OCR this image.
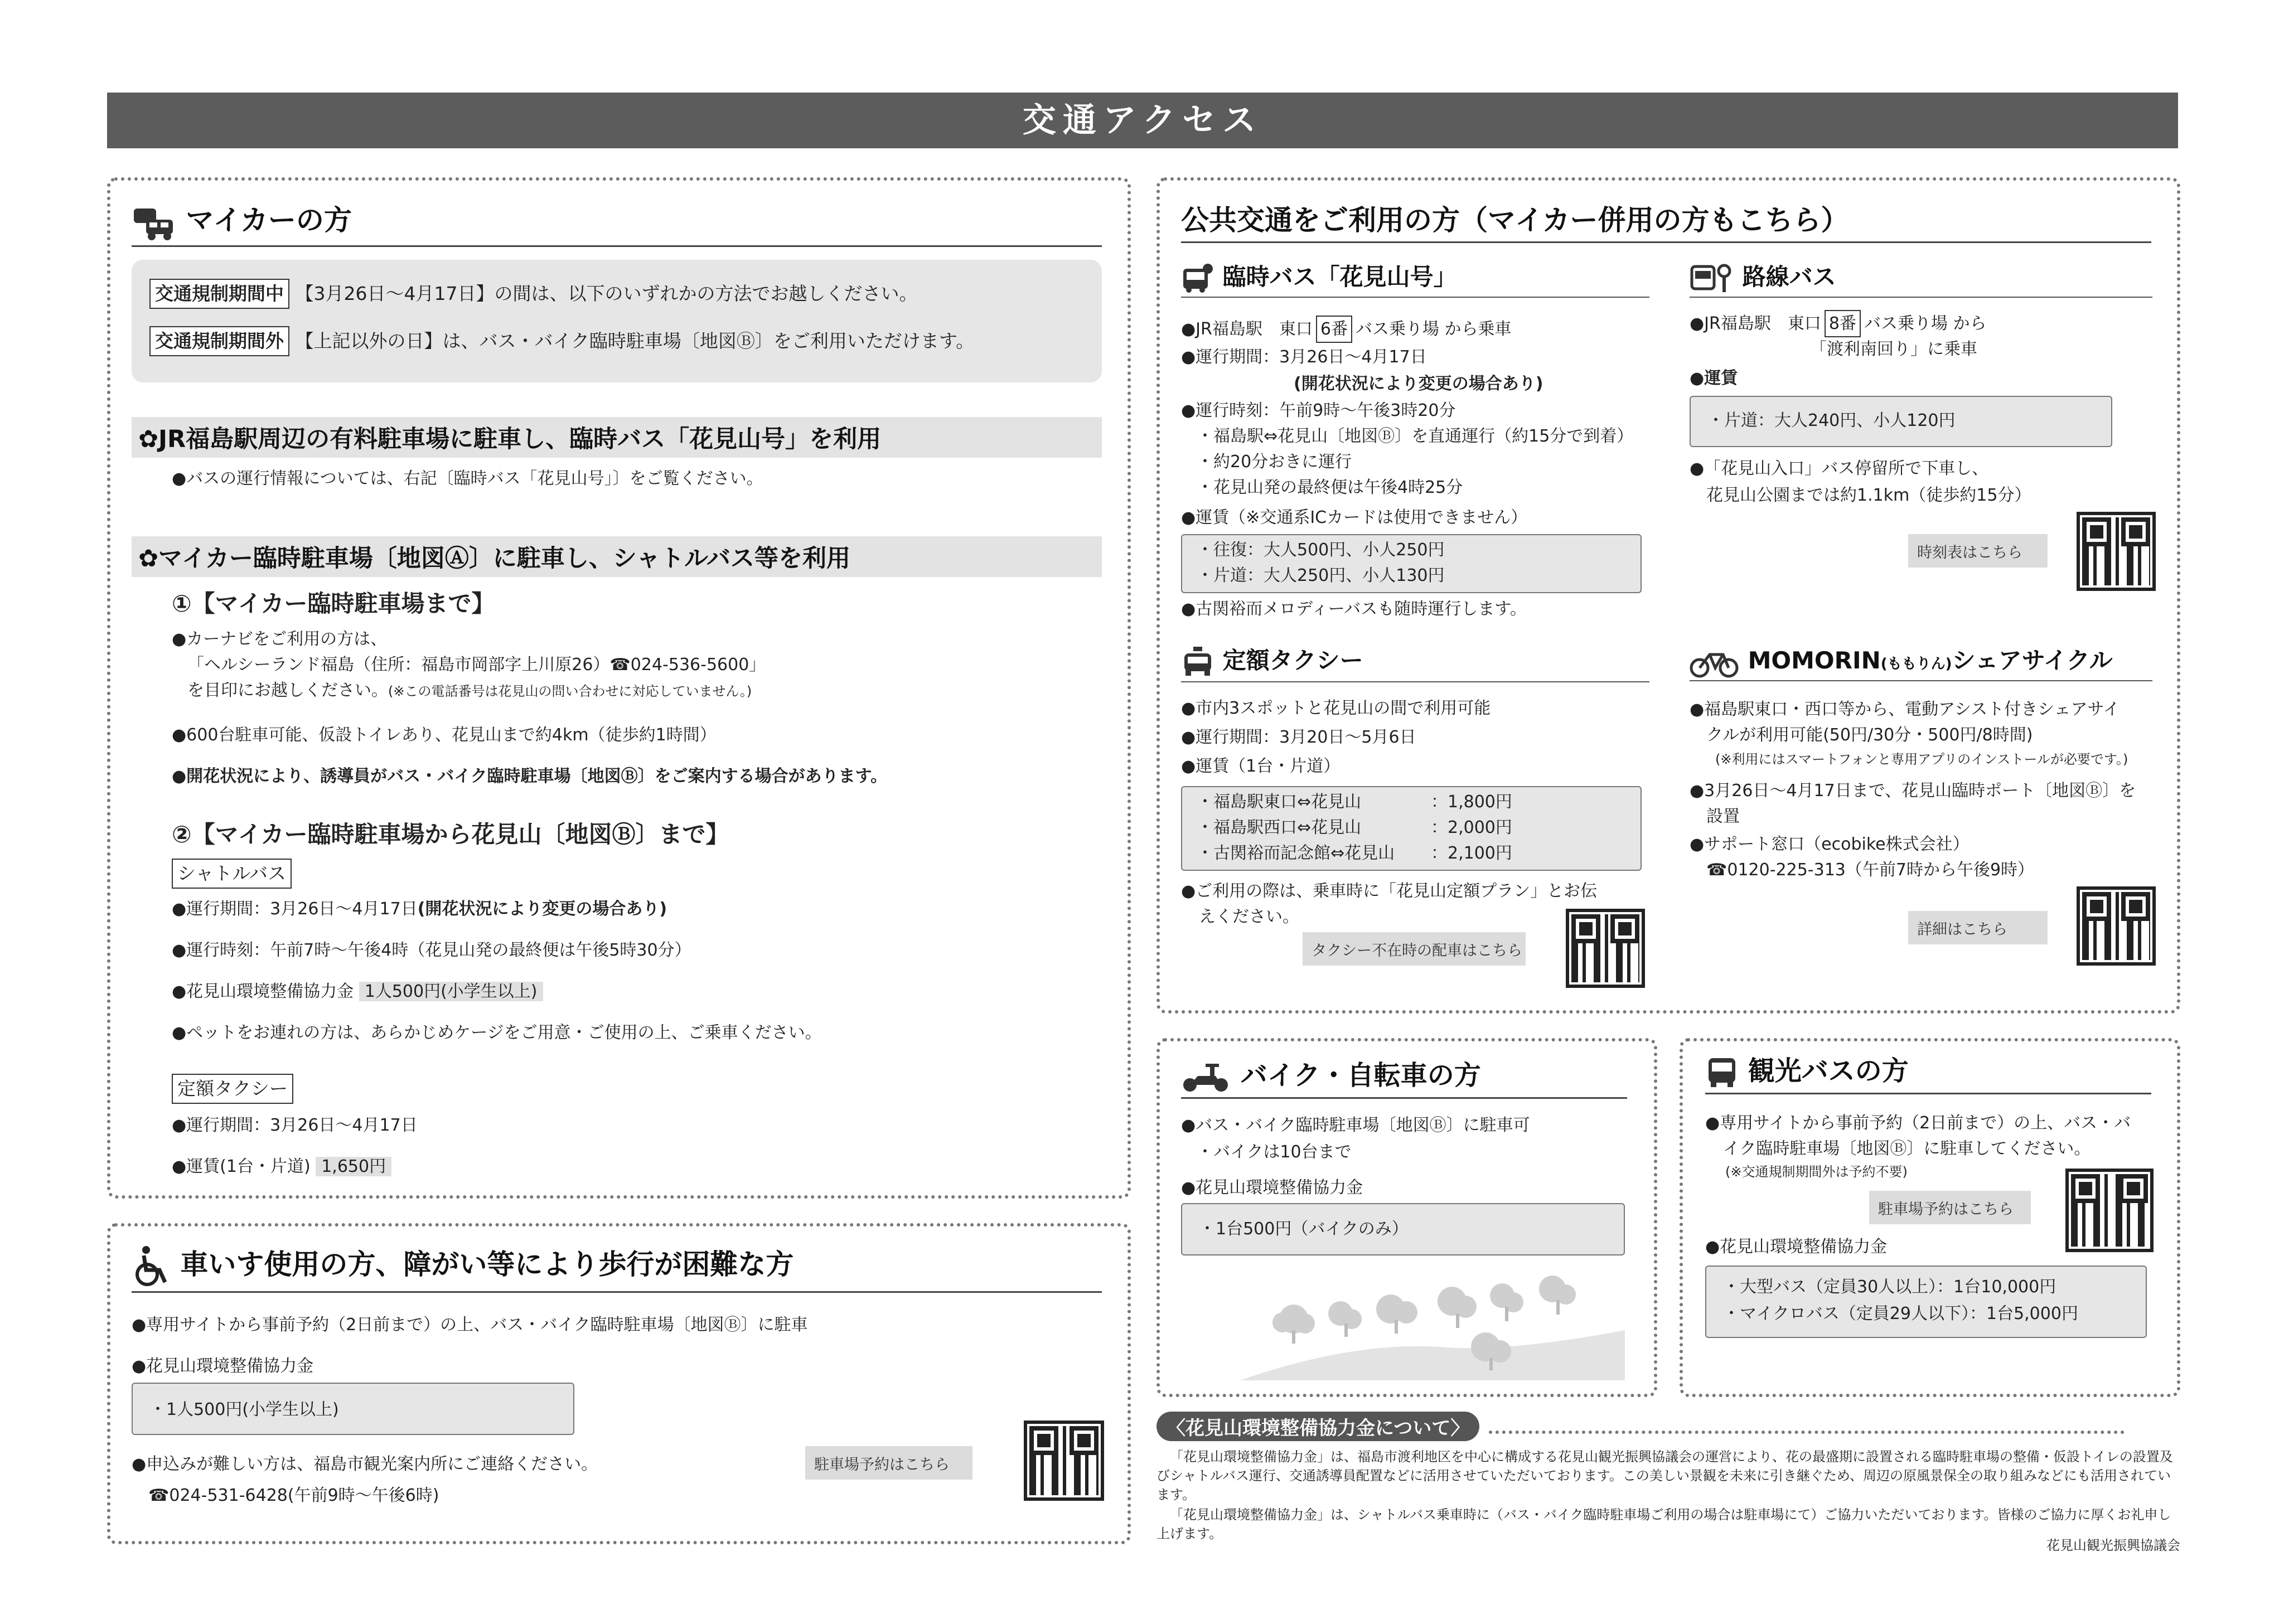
交通アクセス
マイカーの方
交通規制期間中 【3月26日～4月17日】の間は、以下のいずれかの方法でお越しください。
交通規制期間外 【上記以外の日】は、バス・バイク臨時駐車場〔地図Ⓑ〕をご利用いただけます。
✿JR福島駅周辺の有料駐車場に駐車し、臨時バス「花見山号」を利用
●バスの運行情報については、右記〔臨時バス「花見山号」〕をご覧ください。
✿マイカー臨時駐車場〔地図Ⓐ〕に駐車し、シャトルバス等を利用
①【マイカー臨時駐車場まで】
●カーナビをご利用の方は、
「ヘルシーランド福島（住所：福島市岡部字上川原26）☎024-536-5600」
を目印にお越しください。(※この電話番号は花見山の問い合わせに対応していません。)
●600台駐車可能、仮設トイレあり、花見山まで約4km（徒歩約1時間）
●開花状況により、誘導員がバス・バイク臨時駐車場〔地図Ⓑ〕をご案内する場合があります。
②【マイカー臨時駐車場から花見山〔地図Ⓑ〕まで】
シャトルバス
●運行期間：3月26日～4月17日(開花状況により変更の場合あり)
●運行時刻：午前7時～午後4時（花見山発の最終便は午後5時30分）
●花見山環境整備協力金 1人500円(小学生以上)
●ペットをお連れの方は、あらかじめケージをご用意・ご使用の上、ご乗車ください。
定額タクシー
●運行期間：3月26日～4月17日
●運賃(1台・片道) 1,650円
車いす使用の方、障がい等により歩行が困難な方
●専用サイトから事前予約（2日前まで）の上、バス・バイク臨時駐車場〔地図Ⓑ〕に駐車
●花見山環境整備協力金
・1人500円(小学生以上)
●申込みが難しい方は、福島市観光案内所にご連絡ください。
☎024-531-6428(午前9時～午後6時)
駐車場予約はこちら
公共交通をご利用の方（マイカー併用の方もこちら）
臨時バス「花見山号」
●JR福島駅　東口 6番 バス乗り場 から乗車
●運行期間：3月26日～4月17日
(開花状況により変更の場合あり)
●運行時刻：午前9時～午後3時20分
・福島駅⇔花見山〔地図Ⓑ〕を直通運行（約15分で到着）
・約20分おきに運行
・花見山発の最終便は午後4時25分
●運賃（※交通系ICカードは使用できません）
・往復：大人500円、小人250円
・片道：大人250円、小人130円
●古関裕而メロディーバスも随時運行します。
路線バス
●JR福島駅　東口 8番 バス乗り場 から
「渡利南回り」に乗車
●運賃
・片道：大人240円、小人120円
●「花見山入口」バス停留所で下車し、
花見山公園までは約1.1km（徒歩約15分）
時刻表はこちら
定額タクシー
●市内3スポットと花見山の間で利用可能
●運行期間：3月20日～5月6日
●運賃（1台・片道）
・福島駅東口⇔花見山	：1,800円
・福島駅西口⇔花見山	：2,000円
・古関裕而記念館⇔花見山 ：2,100円
●ご利用の際は、乗車時に「花見山定額プラン」とお伝
えください。
タクシー不在時の配車はこちら
MOMORIN(ももりん)シェアサイクル
●福島駅東口・西口等から、電動アシスト付きシェアサイ
クルが利用可能(50円/30分・500円/8時間)
(※利用にはスマートフォンと専用アプリのインストールが必要です。)
●3月26日～4月17日まで、花見山臨時ポート〔地図Ⓑ〕を
設置
●サポート窓口（ecobike株式会社）
☎0120-225-313（午前7時から午後9時）
詳細はこちら
バイク・自転車の方
●バス・バイク臨時駐車場〔地図Ⓑ〕に駐車可
・バイクは10台まで
●花見山環境整備協力金
・1台500円（バイクのみ）
観光バスの方
●専用サイトから事前予約（2日前まで）の上、バス・バ
イク臨時駐車場〔地図Ⓑ〕に駐車してください。
(※交通規制期間外は予約不要)
駐車場予約はこちら
●花見山環境整備協力金
・大型バス（定員30人以上）：1台10,000円
・マイクロバス（定員29人以下）：1台5,000円
〈花見山環境整備協力金について〉
「花見山環境整備協力金」は、福島市渡利地区を中心に構成する花見山観光振興協議会の運営により、花の最盛期に設置される臨時駐車場の整備・仮設トイレの設置及びシャトルバス運行、交通誘導員配置などに活用させていただいております。この美しい景観を未来に引き継ぐため、周辺の原風景保全の取り組みなどにも活用されています。
「花見山環境整備協力金」は、シャトルバス乗車時に（バス・バイク臨時駐車場ご利用の場合は駐車場にて）ご協力いただいております。皆様のご協力に厚くお礼申し上げます。
花見山観光振興協議会
